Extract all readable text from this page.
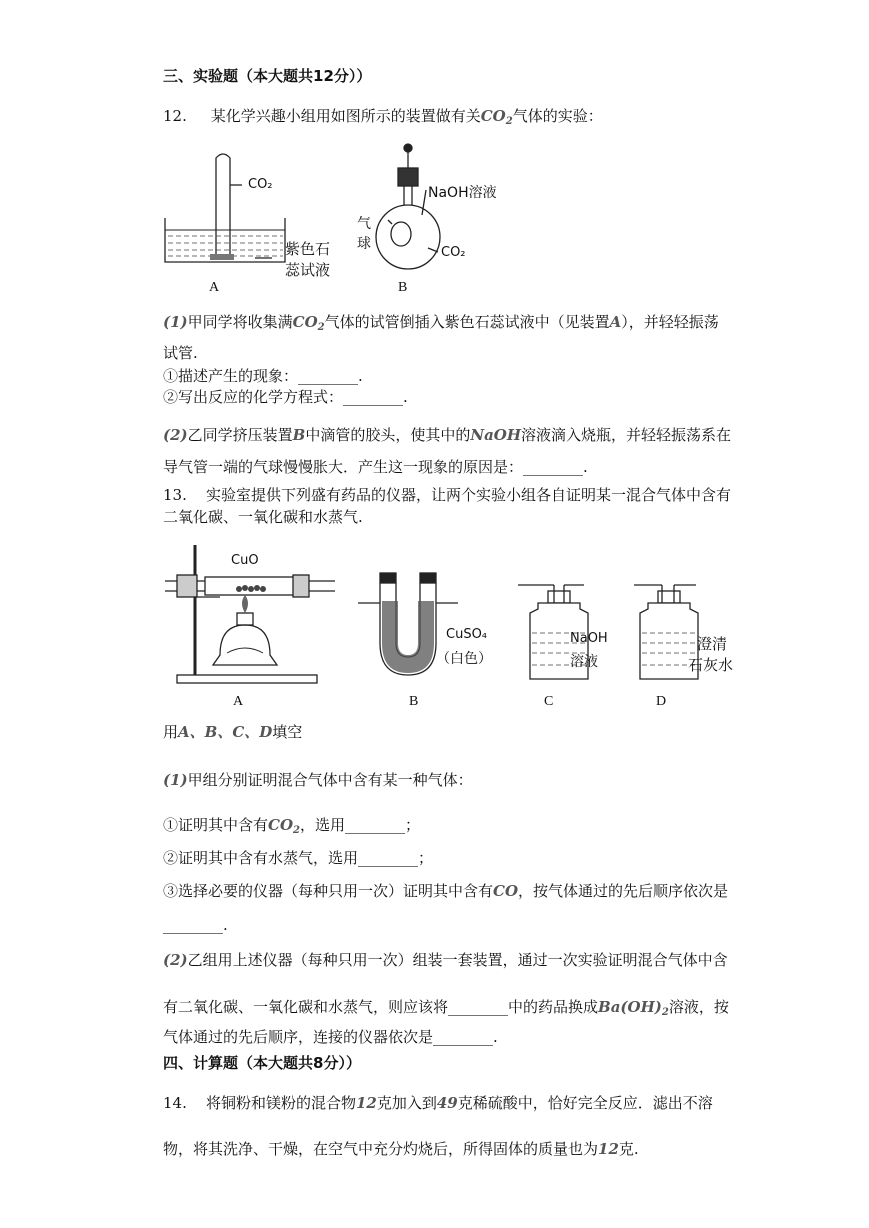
三、实验题（本大题共12分））
12. 某化学兴趣小组用如图所示的装置做有关$CO_2$气体的实验：
CO₂
紫色石
蕊试液
A
NaOH溶液
气
球
CO₂
B
(1)甲同学将收集满$CO_2$气体的试管倒插入紫色石蕊试液中（见装置A），并轻轻振荡
试管.
①描述产生的现象：________.
②写出反应的化学方程式：________.
(2)乙同学挤压装置B中滴管的胶头，使其中的NaOH溶液滴入烧瓶，并轻轻振荡系在
导气管一端的气球慢慢胀大．产生这一现象的原因是：________.
13. 实验室提供下列盛有药品的仪器，让两个实验小组各自证明某一混合气体中含有
二氧化碳、一氧化碳和水蒸气.
CuO
A
CuSO₄
（白色）
B
NaOH
溶液
C
澄清
石灰水
D
用A、B、C、D填空
(1)甲组分别证明混合气体中含有某一种气体：
①证明其中含有$CO_2$，选用________；
②证明其中含有水蒸气，选用________；
③选择必要的仪器（每种只用一次）证明其中含有CO，按气体通过的先后顺序依次是
________.
(2)乙组用上述仪器（每种只用一次）组装一套装置，通过一次实验证明混合气体中含
有二氧化碳、一氧化碳和水蒸气，则应该将________中的药品换成$Ba(OH)_2$溶液，按
气体通过的先后顺序，连接的仪器依次是________.
四、计算题（本大题共8分））
14. 将铜粉和镁粉的混合物12克加入到49克稀硫酸中，恰好完全反应．滤出不溶
物，将其洗净、干燥，在空气中充分灼烧后，所得固体的质量也为12克.
